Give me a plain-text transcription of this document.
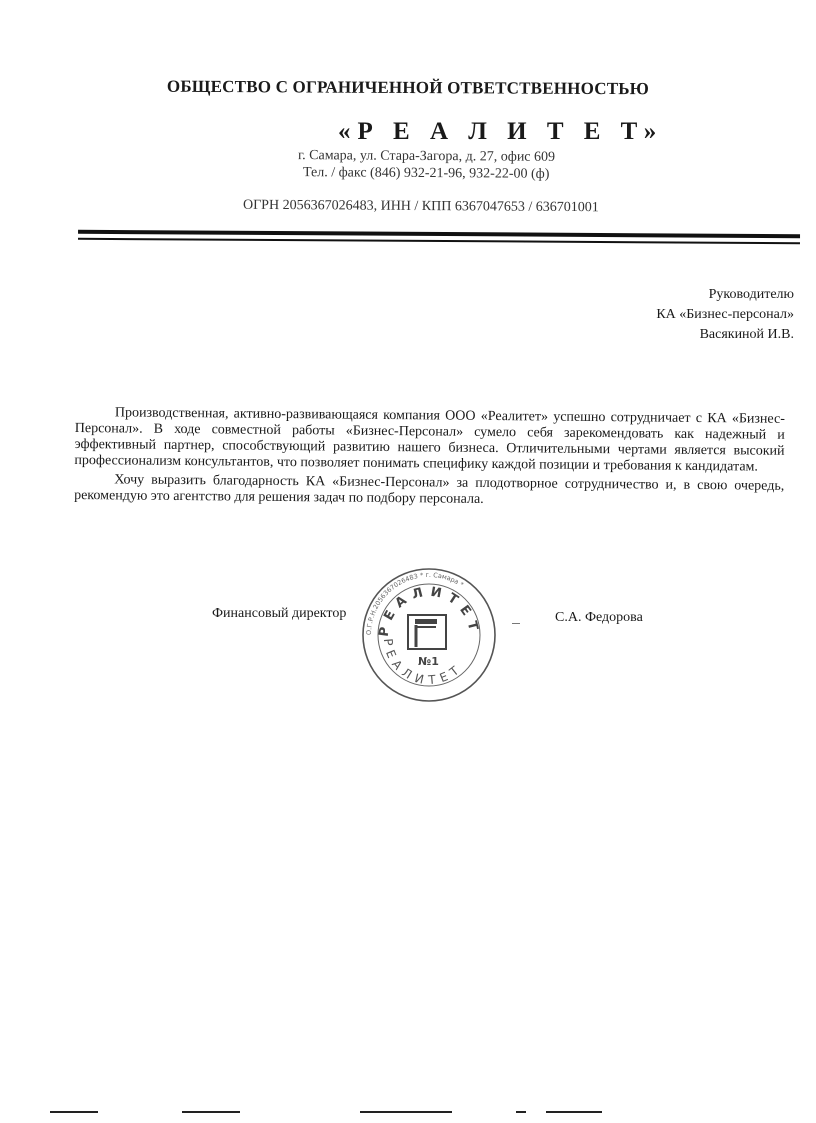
ОБЩЕСТВО С ОГРАНИЧЕННОЙ ОТВЕТСТВЕННОСТЬЮ
«Р Е А Л И Т Е Т»
г. Самара, ул. Стара-Загора, д. 27, офис 609
Тел. / факс (846) 932-21-96, 932-22-00 (ф)
ОГРН 2056367026483, ИНН / КПП 6367047653 / 636701001
Руководителю
КА «Бизнес-персонал»
Васякиной И.В.

Производственная, активно-развивающаяся компания ООО «Реалитет» успешно сотрудничает с КА «Бизнес-Персонал». В ходе совместной работы «Бизнес-Персонал» сумело себя зарекомендовать как надежный и эффективный партнер, способствующий развитию нашего бизнеса. Отличительными чертами является высокий профессионализм консультантов, что позволяет понимать специфику каждой позиции и требования к кандидатам.

Хочу выразить благодарность КА «Бизнес-Персонал» за плодотворное сотрудничество и, в свою очередь, рекомендую это агентство для решения задач по подбору персонала.

Финансовый директор	С.А. Федорова
О.Г.Р.Н.2056367026483 * г. Самара *
Р Е А Л И Т Е Т
Р Е А Л И Т Е Т
№1
